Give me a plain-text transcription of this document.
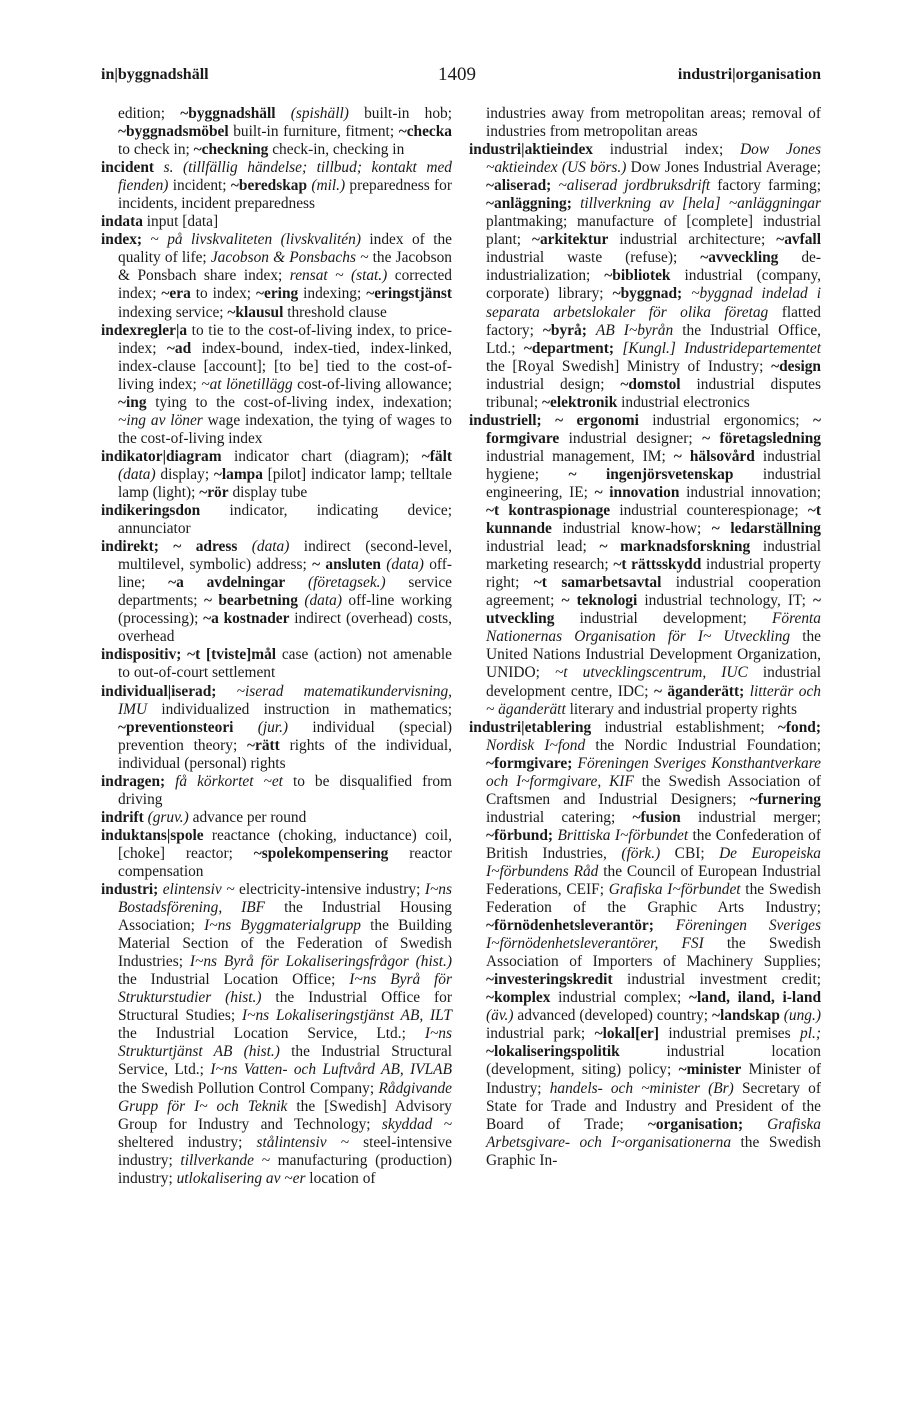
in|byggnadshäll	1409	industri|organisation
edition; ~byggnadshäll (spishäll) built-in hob; ~byggnadsmöbel built-in furniture, fitment; ~checka to check in; ~checkning check-in, checking in
incident s. (tillfällig händelse; tillbud; kontakt med fienden) incident; ~beredskap (mil.) preparedness for incidents, incident preparedness
indata input [data]
index; ~ på livskvaliteten (livskvalitén) index of the quality of life; Jacobson & Ponsbachs ~ the Jacobson & Ponsbach share index; rensat ~ (stat.) corrected index; ~era to index; ~ering indexing; ~eringstjänst indexing service; ~klausul threshold clause
indexregler|a to tie to the cost-of-living index, to price-index; ~ad index-bound, index-tied, index-linked, index-clause [account]; [to be] tied to the cost-of-living index; ~at lönetillägg cost-of-living allowance; ~ing tying to the cost-of-living index, indexation; ~ing av löner wage indexation, the tying of wages to the cost-of-living index
indikator|diagram indicator chart (diagram); ~fält (data) display; ~lampa [pilot] indicator lamp; telltale lamp (light); ~rör display tube
indikeringsdon indicator, indicating device; annunciator
indirekt; ~ adress (data) indirect (second-level, multilevel, symbolic) address; ~ ansluten (data) off-line; ~a avdelningar (företagsek.) service departments; ~ bearbetning (data) off-line working (processing); ~a kostnader indirect (overhead) costs, overhead
indispositiv; ~t [tviste]mål case (action) not amenable to out-of-court settlement
individual|iserad; ~iserad matematikundervisning, IMU individualized instruction in mathematics; ~preventionsteori (jur.) individual (special) prevention theory; ~rätt rights of the individual, individual (personal) rights
indragen; få körkortet ~et to be disqualified from driving
indrift (gruv.) advance per round
induktans|spole reactance (choking, inductance) coil, [choke] reactor; ~spolekompensering reactor compensation
industri; elintensiv ~ electricity-intensive industry; I~ns Bostadsförening, IBF the Industrial Housing Association; I~ns Byggmaterialgrupp the Building Material Section of the Federation of Swedish Industries; I~ns Byrå för Lokaliseringsfrågor (hist.) the Industrial Location Office; I~ns Byrå för Strukturstudier (hist.) the Industrial Office for Structural Studies; I~ns Lokaliseringstjänst AB, ILT the Industrial Location Service, Ltd.; I~ns Strukturtjänst AB (hist.) the Industrial Structural Service, Ltd.; I~ns Vatten- och Luftvård AB, IVLAB the Swedish Pollution Control Company; Rådgivande Grupp för I~ och Teknik the [Swedish] Advisory Group for Industry and Technology; skyddad ~ sheltered industry; stålintensiv ~ steel-intensive industry; tillverkande ~ manufacturing (production) industry; utlokalisering av ~er location of
industries away from metropolitan areas; removal of industries from metropolitan areas
industri|aktieindex industrial index; Dow Jones ~aktieindex (US börs.) Dow Jones Industrial Average; ~aliserad; ~aliserad jordbruksdrift factory farming; ~anläggning; tillverkning av [hela] ~anläggningar plantmaking; manufacture of [complete] industrial plant; ~arkitektur industrial architecture; ~avfall industrial waste (refuse); ~avveckling de-industrialization; ~bibliotek industrial (company, corporate) library; ~byggnad; ~byggnad indelad i separata arbetslokaler för olika företag flatted factory; ~byrå; AB I~byrån the Industrial Office, Ltd.; ~department; [Kungl.] Industridepartementet the [Royal Swedish] Ministry of Industry; ~design industrial design; ~domstol industrial disputes tribunal; ~elektronik industrial electronics
industriell; ~ ergonomi industrial ergonomics; ~ formgivare industrial designer; ~ företagsledning industrial management, IM; ~ hälsovård industrial hygiene; ~ ingenjörsvetenskap industrial engineering, IE; ~ innovation industrial innovation; ~t kontraspionage industrial counterespionage; ~t kunnande industrial know-how; ~ ledarställning industrial lead; ~ marknadsforskning industrial marketing research; ~t rättsskydd industrial property right; ~t samarbetsavtal industrial cooperation agreement; ~ teknologi industrial technology, IT; ~ utveckling industrial development; Förenta Nationernas Organisation för I~ Utveckling the United Nations Industrial Development Organization, UNIDO; ~t utvecklingscentrum, IUC industrial development centre, IDC; ~ äganderätt; litterär och ~ äganderätt literary and industrial property rights
industri|etablering industrial establishment; ~fond; Nordisk I~fond the Nordic Industrial Foundation; ~formgivare; Föreningen Sveriges Konsthantverkare och I~formgivare, KIF the Swedish Association of Craftsmen and Industrial Designers; ~furnering industrial catering; ~fusion industrial merger; ~förbund; Brittiska I~förbundet the Confederation of British Industries, (förk.) CBI; De Europeiska I~förbundens Råd the Council of European Industrial Federations, CEIF; Grafiska I~förbundet the Swedish Federation of the Graphic Arts Industry; ~förnödenhetsleverantör; Föreningen Sveriges I~förnödenhetsleverantörer, FSI the Swedish Association of Importers of Machinery Supplies; ~investeringskredit industrial investment credit; ~komplex industrial complex; ~land, iland, i-land (äv.) advanced (developed) country; ~landskap (ung.) industrial park; ~lokal[er] industrial premises pl.; ~lokaliseringspolitik industrial location (development, siting) policy; ~minister Minister of Industry; handels- och ~minister (Br) Secretary of State for Trade and Industry and President of the Board of Trade; ~organisation; Grafiska Arbetsgivare- och I~organisationerna the Swedish Graphic In-
